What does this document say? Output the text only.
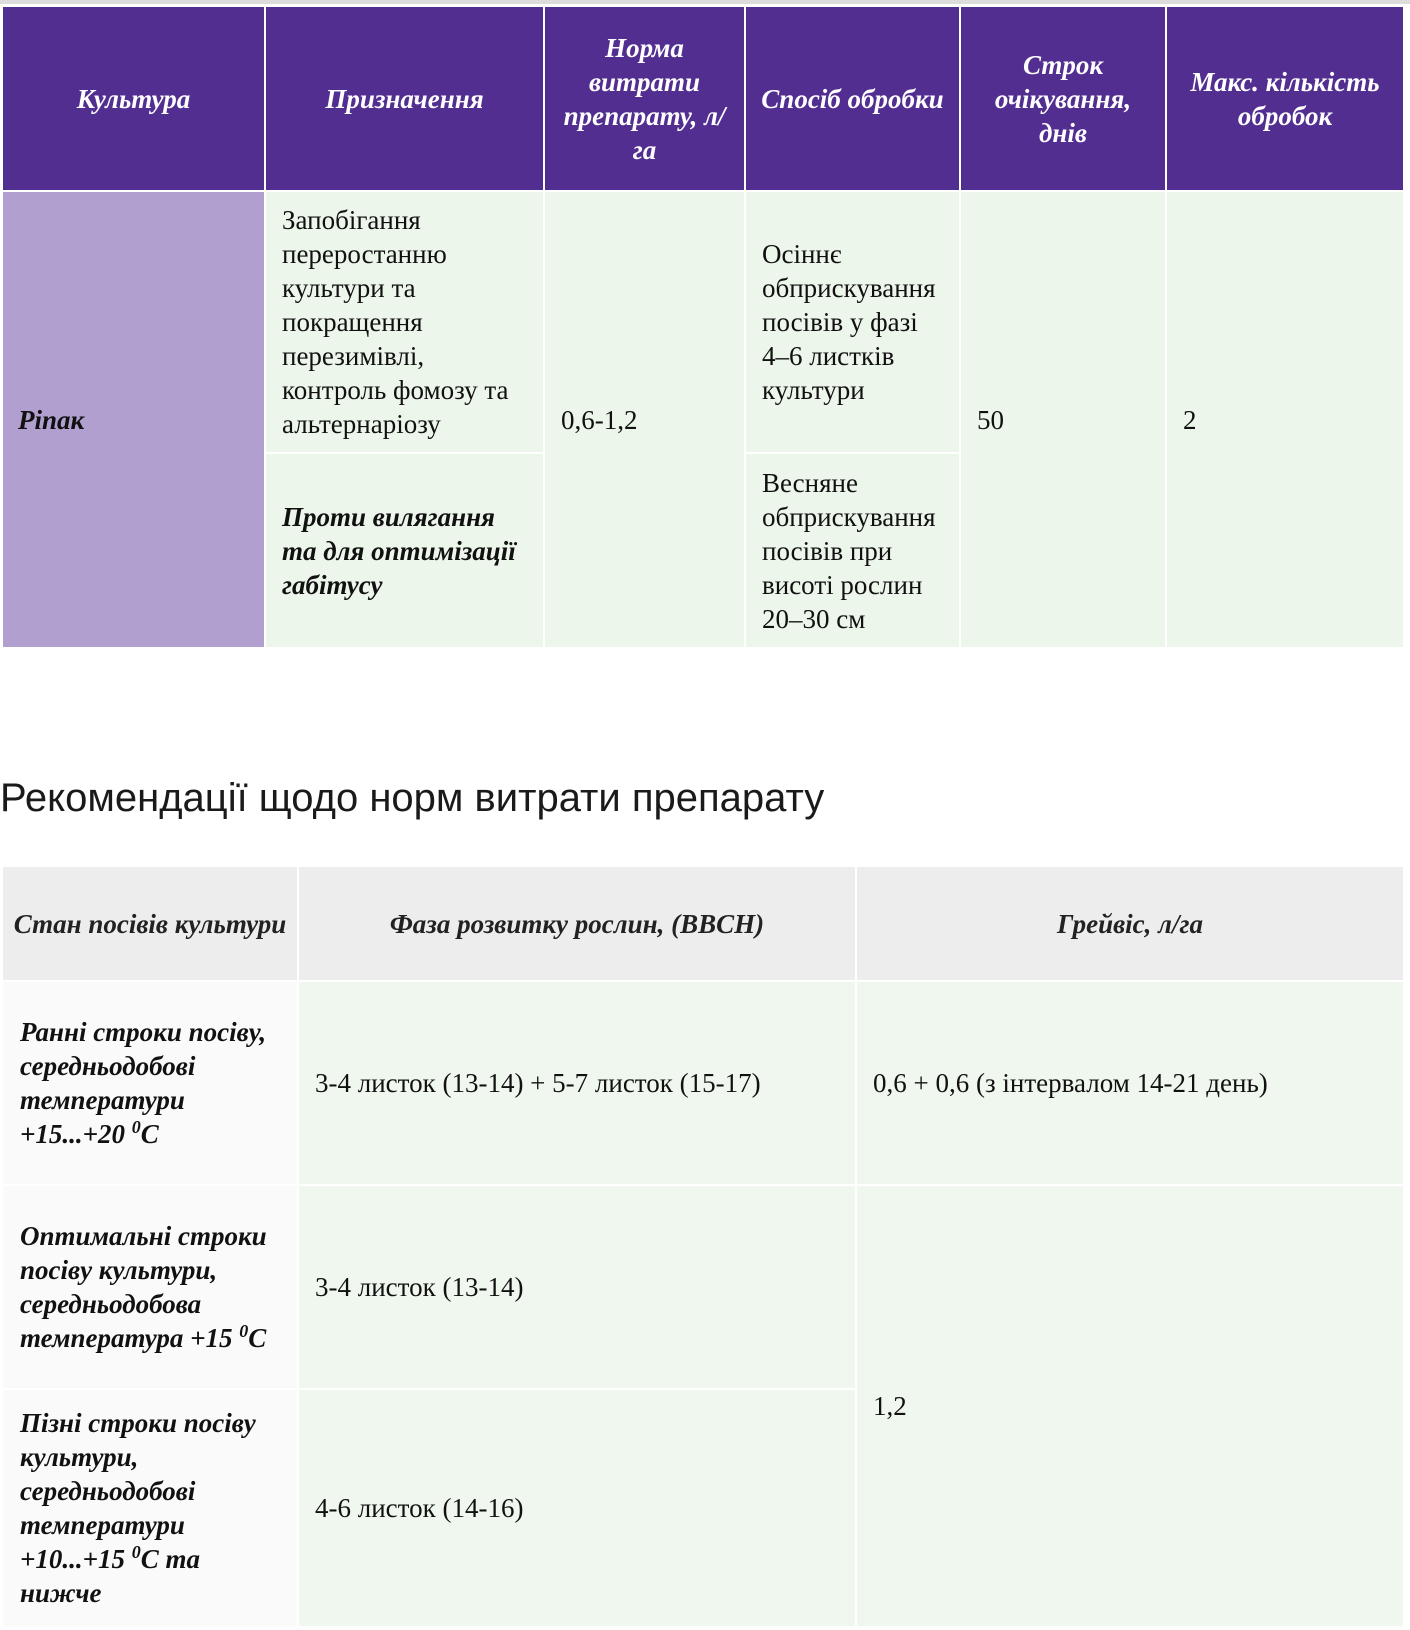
Культура	Призначення	Норма витрати препарату, л/га	Спосіб обробки	Строк очікування, днів	Макс. кількість обробок
Ріпак	Запобігання переростанню культури та покращення перезимівлі, контроль фомозу та альтернаріозу	0,6-1,2	Осіннє обприскування посівів у фазі 4–6 листків культури	50	2
	Проти вилягання та для оптимізації габітусу		Весняне обприскування посівів при висоті рослин 20–30 см		
Рекомендації щодо норм витрати препарату
Стан посівів культури	Фаза розвитку рослин, (BBCH)	Грейвіс, л/га
Ранні строки посіву, середньодобові температури +15...+20 $^0$С	3-4 листок (13-14) + 5-7 листок (15-17)	0,6 + 0,6 (з інтервалом 14-21 день)
Оптимальні строки посіву культури, середньодобова температура +15 $^0$С	3-4 листок (13-14)	1,2
Пізні строки посіву культури, середньодобові температури +10...+15 $^0$С та нижче	4-6 листок (14-16)	
